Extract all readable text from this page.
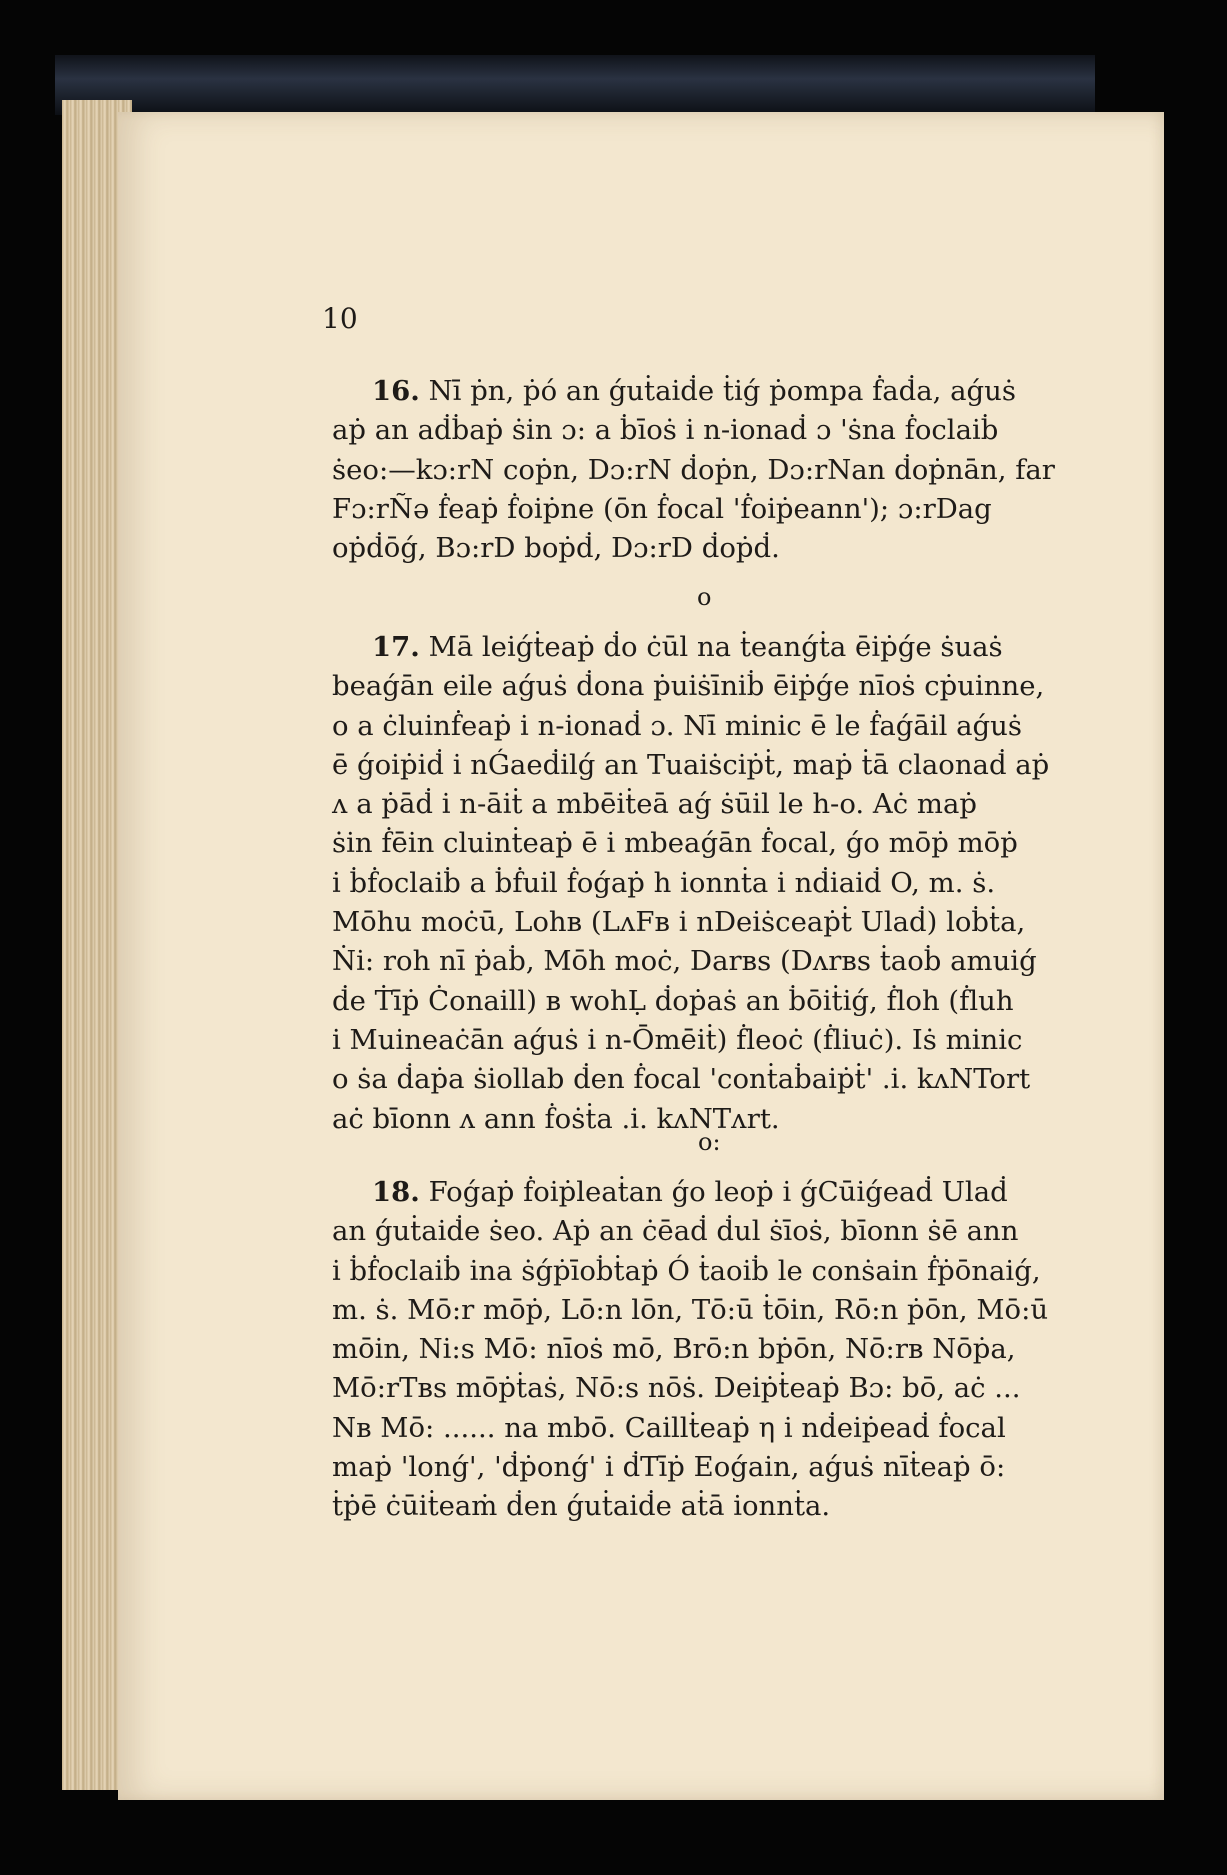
10
16. Nī ṗn, ṗó an ǵuṫaiḋe ṫiǵ ṗompa ḟaḋa, aǵuṡ
aṗ an aḋḃaṗ ṡin ɔ: a ḃīoṡ i n-ionaḋ ɔ 'ṡna ḟoclaiḃ
ṡeo:—kɔ:rN coṗn, Dɔ:rN ḋoṗn, Dɔ:rNan ḋoṗnān, far
Fɔ:rÑə ḟeaṗ ḟoiṗne (ōn ḟocal 'ḟoiṗeann'); ɔ:rDag
oṗḋōǵ, Bɔ:rD boṗḋ, Dɔ:rD ḋoṗḋ.
o
17. Mā leiǵṫeaṗ ḋo ċūl na ṫeanǵṫa ēiṗǵe ṡuaṡ
beaǵān eile aǵuṡ ḋona ṗuiṡīniḃ ēiṗǵe nīoṡ cṗuinne,
o a ċluinḟeaṗ i n-ionaḋ ɔ. Nī minic ē le ḟaǵāil aǵuṡ
ē ǵoiṗiḋ i nǴaeḋilǵ an Tuaiṡciṗṫ, maṗ ṫā claonaḋ aṗ
ʌ a ṗāḋ i n-āiṫ a mbēiṫeā aǵ ṡūil le h-o. Aċ maṗ
ṡin ḟēin cluinṫeaṗ ē i mbeaǵān ḟocal, ǵo mōṗ mōṗ
i ḃḟoclaiḃ a ḃḟuil ḟoǵaṗ h ionnṫa i nḋiaiḋ O, m. ṡ.
Mōhu moċū, Lohʙ (LʌFʙ i nDeiṡceaṗṫ Ulaḋ) loḃṫa,
Ṅi: roh nī ṗaḃ, Mōh moċ, Darʙs (Dʌrʙs ṫaoḃ amuiǵ
ḋe Ṫīṗ Ċonaill) ʙ wohḶ ḋoṗaṡ an ḃōiṫiǵ, ḟloh (ḟluh
i Muineaċān aǵuṡ i n-Ōmēiṫ) ḟleoċ (ḟliuċ). Iṡ minic
o ṡa ḋaṗa ṡiollab ḋen ḟocal 'conṫaḃaiṗṫ' .i. kʌNTort
aċ bīonn ʌ ann ḟoṡṫa .i. kʌNTʌrt.
o:
18. Foǵaṗ ḟoiṗleaṫan ǵo leoṗ i ǵCūiǵeaḋ Ulaḋ
an ǵuṫaiḋe ṡeo. Aṗ an ċēaḋ ḋul ṡīoṡ, bīonn ṡē ann
i ḃḟoclaiḃ ina ṡǵṗīoḃṫaṗ Ó ṫaoiḃ le conṡain ḟṗōnaiǵ,
m. ṡ. Mō:r mōṗ, Lō:n lōn, Tō:ū ṫōin, Rō:n ṗōn, Mō:ū
mōin, Ni:s Mō: nīoṡ mō, Brō:n bṗōn, Nō:rʙ Nōṗa,
Mō:rTʙs mōṗṫaṡ, Nō:s nōṡ. Deiṗṫeaṗ Bɔ: bō, aċ ...
Nʙ Mō: ...... na mbō. Caillṫeaṗ η i nḋeiṗeaḋ ḟocal
maṗ 'lonǵ', 'ḋṗonǵ' i ḋTīṗ Eoǵain, aǵuṡ nīṫeaṗ ō:
ṫṗē ċūiṫeaṁ ḋen ǵuṫaiḋe aṫā ionnṫa.
